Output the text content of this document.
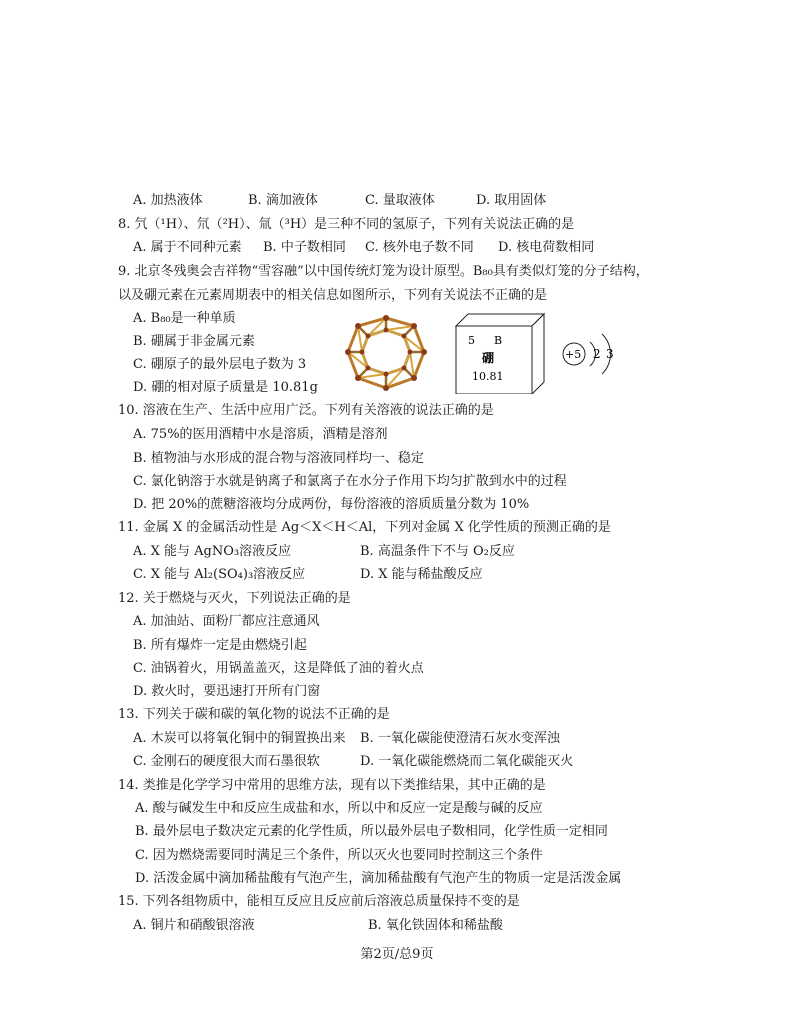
A. 加热液体	B. 滴加液体	C. 量取液体	D. 取用固体
8. 氕（¹H）、氘（²H）、氚（³H）是三种不同的氢原子，下列有关说法正确的是
A. 属于不同种元素 B. 中子数相同 C. 核外电子数不同 D. 核电荷数相同
9. 北京冬残奥会吉祥物“雪容融”以中国传统灯笼为设计原型。B₈₀具有类似灯笼的分子结构，
以及硼元素在元素周期表中的相关信息如图所示，下列有关说法不正确的是
A. B₈₀是一种单质
B. 硼属于非金属元素
C. 硼原子的最外层电子数为 3
D. 硼的相对原子质量是 10.81g
5 B
硼
10.81
+5 2 3
10. 溶液在生产、生活中应用广泛。下列有关溶液的说法正确的是
A. 75%的医用酒精中水是溶质，酒精是溶剂
B. 植物油与水形成的混合物与溶液同样均一、稳定
C. 氯化钠溶于水就是钠离子和氯离子在水分子作用下均匀扩散到水中的过程
D. 把 20%的蔗糖溶液均分成两份，每份溶液的溶质质量分数为 10%
11. 金属 X 的金属活动性是 Ag＜X＜H＜Al，下列对金属 X 化学性质的预测正确的是
A. X 能与 AgNO₃溶液反应	B. 高温条件下不与 O₂反应
C. X 能与 Al₂(SO₄)₃溶液反应	D. X 能与稀盐酸反应
12. 关于燃烧与灭火，下列说法正确的是
A. 加油站、面粉厂都应注意通风
B. 所有爆炸一定是由燃烧引起
C. 油锅着火，用锅盖盖灭，这是降低了油的着火点
D. 救火时，要迅速打开所有门窗
13. 下列关于碳和碳的氧化物的说法不正确的是
A. 木炭可以将氧化铜中的铜置换出来 B. 一氧化碳能使澄清石灰水变浑浊
C. 金刚石的硬度很大而石墨很软	D. 一氧化碳能燃烧而二氧化碳能灭火
14. 类推是化学学习中常用的思维方法，现有以下类推结果，其中正确的是
A. 酸与碱发生中和反应生成盐和水，所以中和反应一定是酸与碱的反应
B. 最外层电子数决定元素的化学性质，所以最外层电子数相同，化学性质一定相同
C. 因为燃烧需要同时满足三个条件，所以灭火也要同时控制这三个条件
D. 活泼金属中滴加稀盐酸有气泡产生，滴加稀盐酸有气泡产生的物质一定是活泼金属
15. 下列各组物质中，能相互反应且反应前后溶液总质量保持不变的是
A. 铜片和硝酸银溶液	B. 氧化铁固体和稀盐酸
第2页/总9页
